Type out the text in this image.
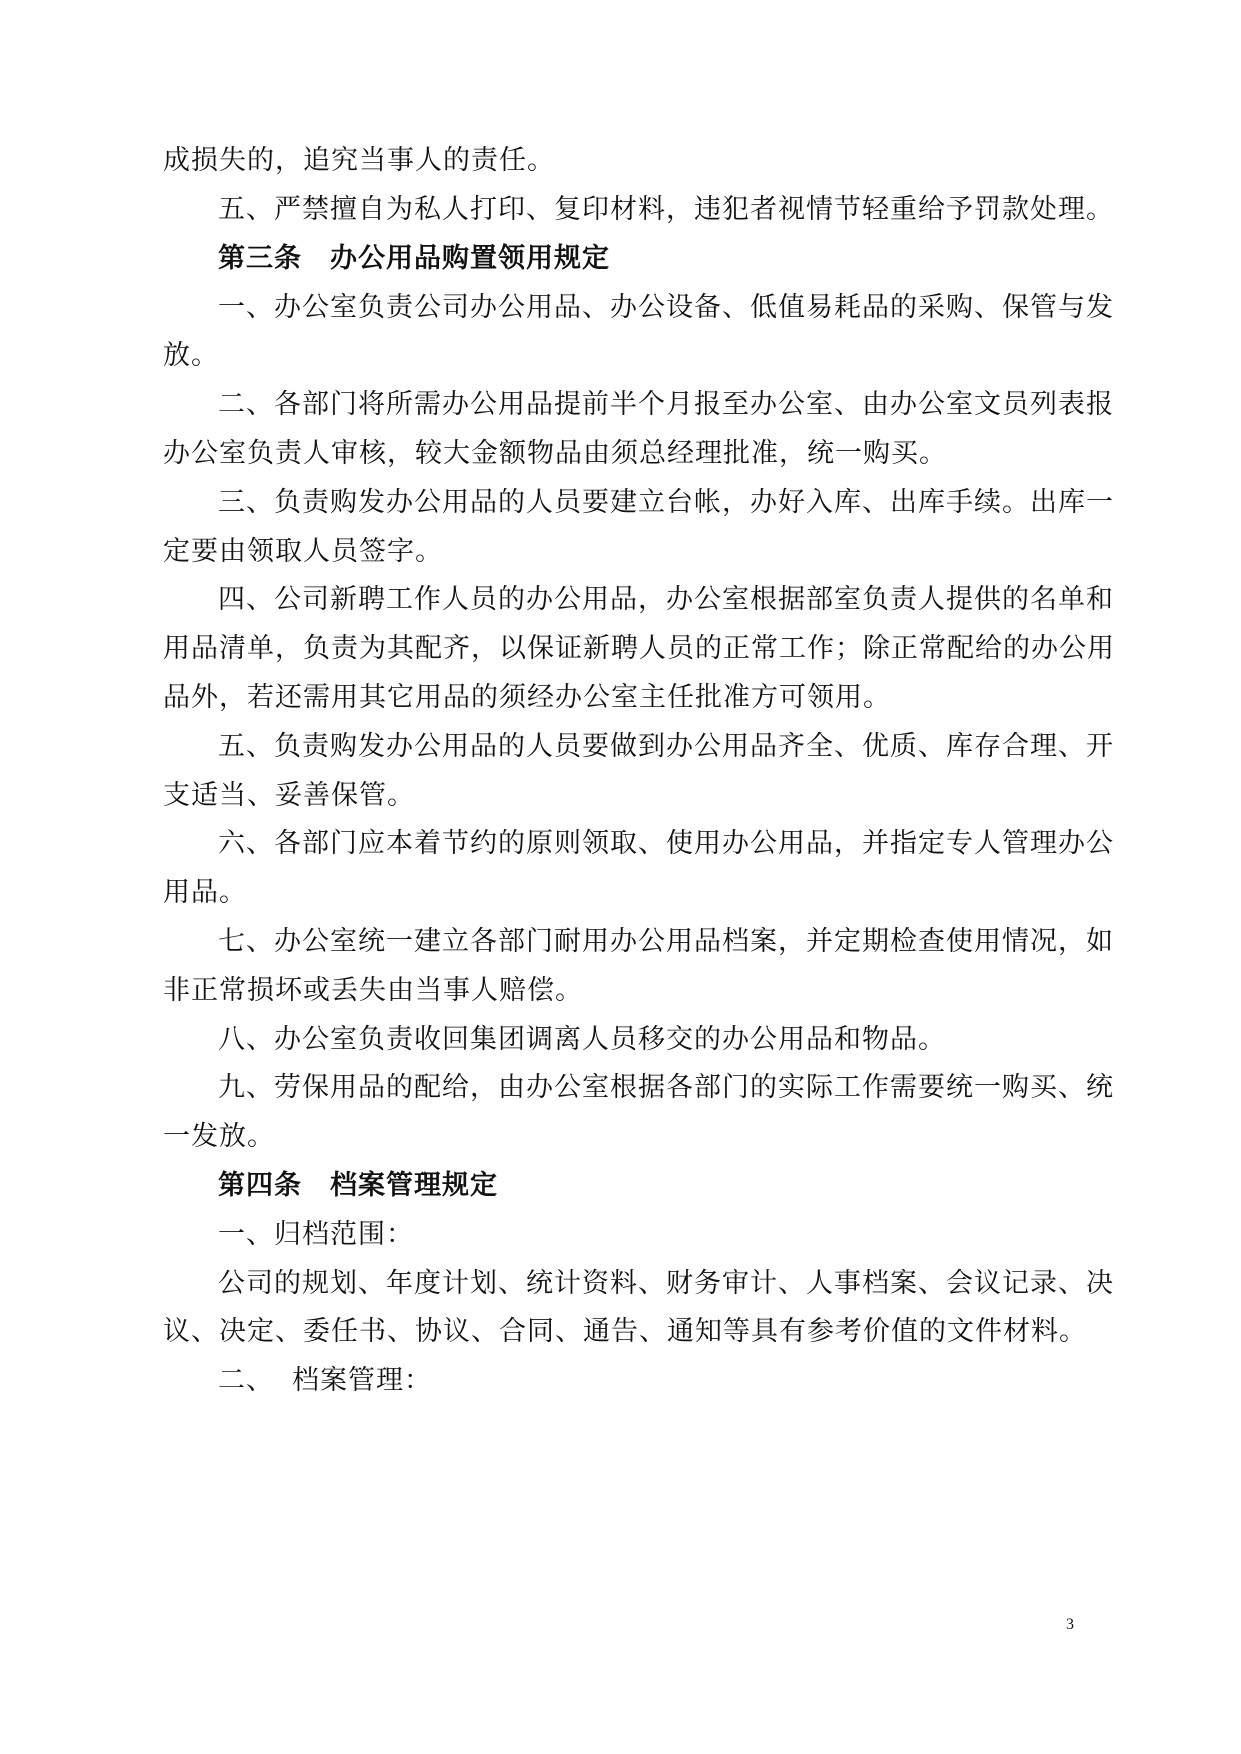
成损失的，追究当事人的责任。
五、严禁擅自为私人打印、复印材料，违犯者视情节轻重给予罚款处理。
第三条 办公用品购置领用规定
一、办公室负责公司办公用品、办公设备、低值易耗品的采购、保管与发
放。
二、各部门将所需办公用品提前半个月报至办公室、由办公室文员列表报
办公室负责人审核，较大金额物品由须总经理批准，统一购买。
三、负责购发办公用品的人员要建立台帐，办好入库、出库手续。出库一
定要由领取人员签字。
四、公司新聘工作人员的办公用品，办公室根据部室负责人提供的名单和
用品清单，负责为其配齐，以保证新聘人员的正常工作；除正常配给的办公用
品外，若还需用其它用品的须经办公室主任批准方可领用。
五、负责购发办公用品的人员要做到办公用品齐全、优质、库存合理、开
支适当、妥善保管。
六、各部门应本着节约的原则领取、使用办公用品，并指定专人管理办公
用品。
七、办公室统一建立各部门耐用办公用品档案，并定期检查使用情况，如
非正常损坏或丢失由当事人赔偿。
八、办公室负责收回集团调离人员移交的办公用品和物品。
九、劳保用品的配给，由办公室根据各部门的实际工作需要统一购买、统
一发放。
第四条 档案管理规定
一、归档范围：
公司的规划、年度计划、统计资料、财务审计、人事档案、会议记录、决
议、决定、委任书、协议、合同、通告、通知等具有参考价值的文件材料。
二、 档案管理：
3
